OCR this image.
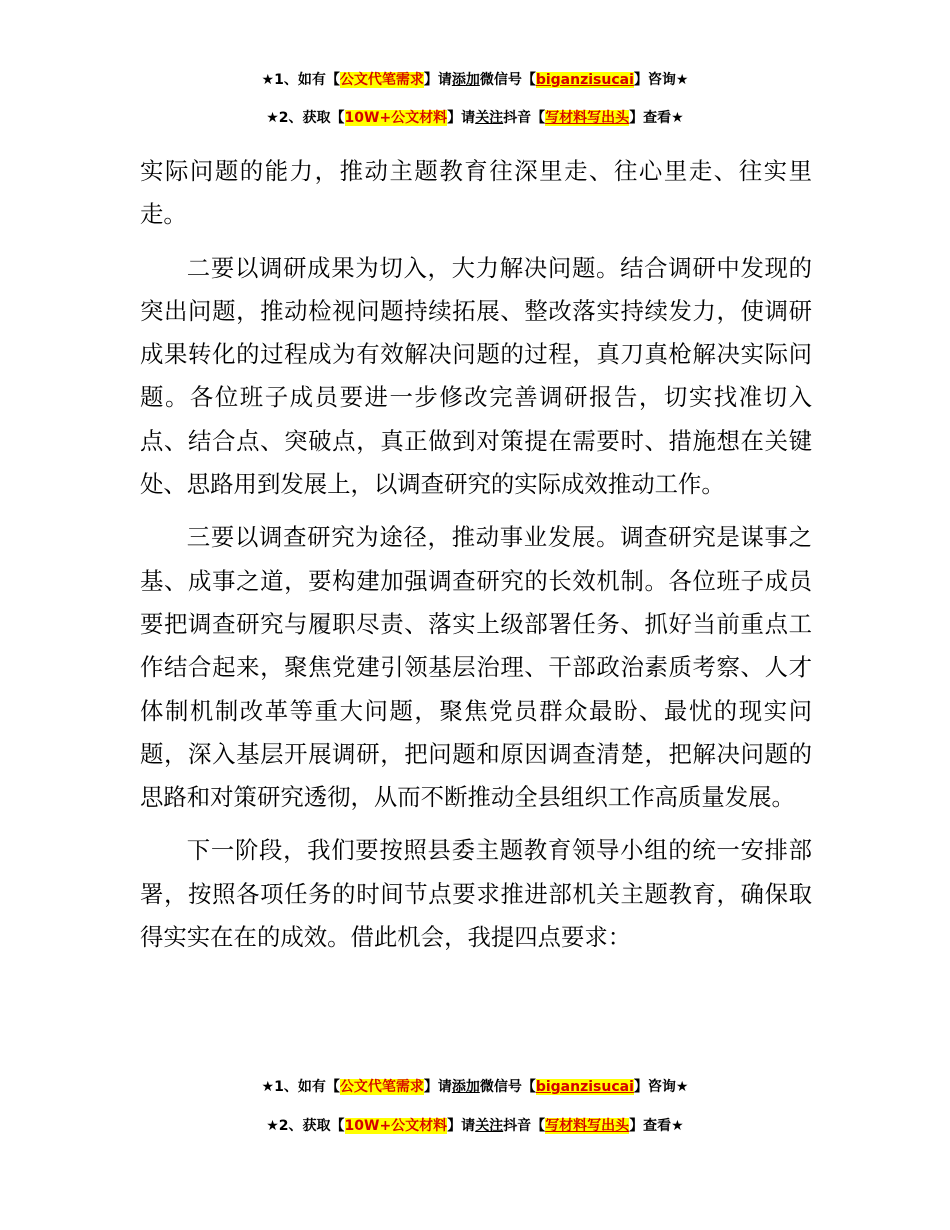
★1、如有【公文代笔需求】请添加微信号【biganzisucai】咨询★
★2、获取【10W+公文材料】请关注抖音【写材料写出头】查看★

实际问题的能力，推动主题教育往深里走、往心里走、往实里走。

二要以调研成果为切入，大力解决问题。结合调研中发现的突出问题，推动检视问题持续拓展、整改落实持续发力，使调研成果转化的过程成为有效解决问题的过程，真刀真枪解决实际问题。各位班子成员要进一步修改完善调研报告，切实找准切入点、结合点、突破点，真正做到对策提在需要时、措施想在关键处、思路用到发展上，以调查研究的实际成效推动工作。

三要以调查研究为途径，推动事业发展。调查研究是谋事之基、成事之道，要构建加强调查研究的长效机制。各位班子成员要把调查研究与履职尽责、落实上级部署任务、抓好当前重点工作结合起来，聚焦党建引领基层治理、干部政治素质考察、人才体制机制改革等重大问题，聚焦党员群众最盼、最忧的现实问题，深入基层开展调研，把问题和原因调查清楚，把解决问题的思路和对策研究透彻，从而不断推动全县组织工作高质量发展。

下一阶段，我们要按照县委主题教育领导小组的统一安排部署，按照各项任务的时间节点要求推进部机关主题教育，确保取得实实在在的成效。借此机会，我提四点要求：

★1、如有【公文代笔需求】请添加微信号【biganzisucai】咨询★
★2、获取【10W+公文材料】请关注抖音【写材料写出头】查看★
